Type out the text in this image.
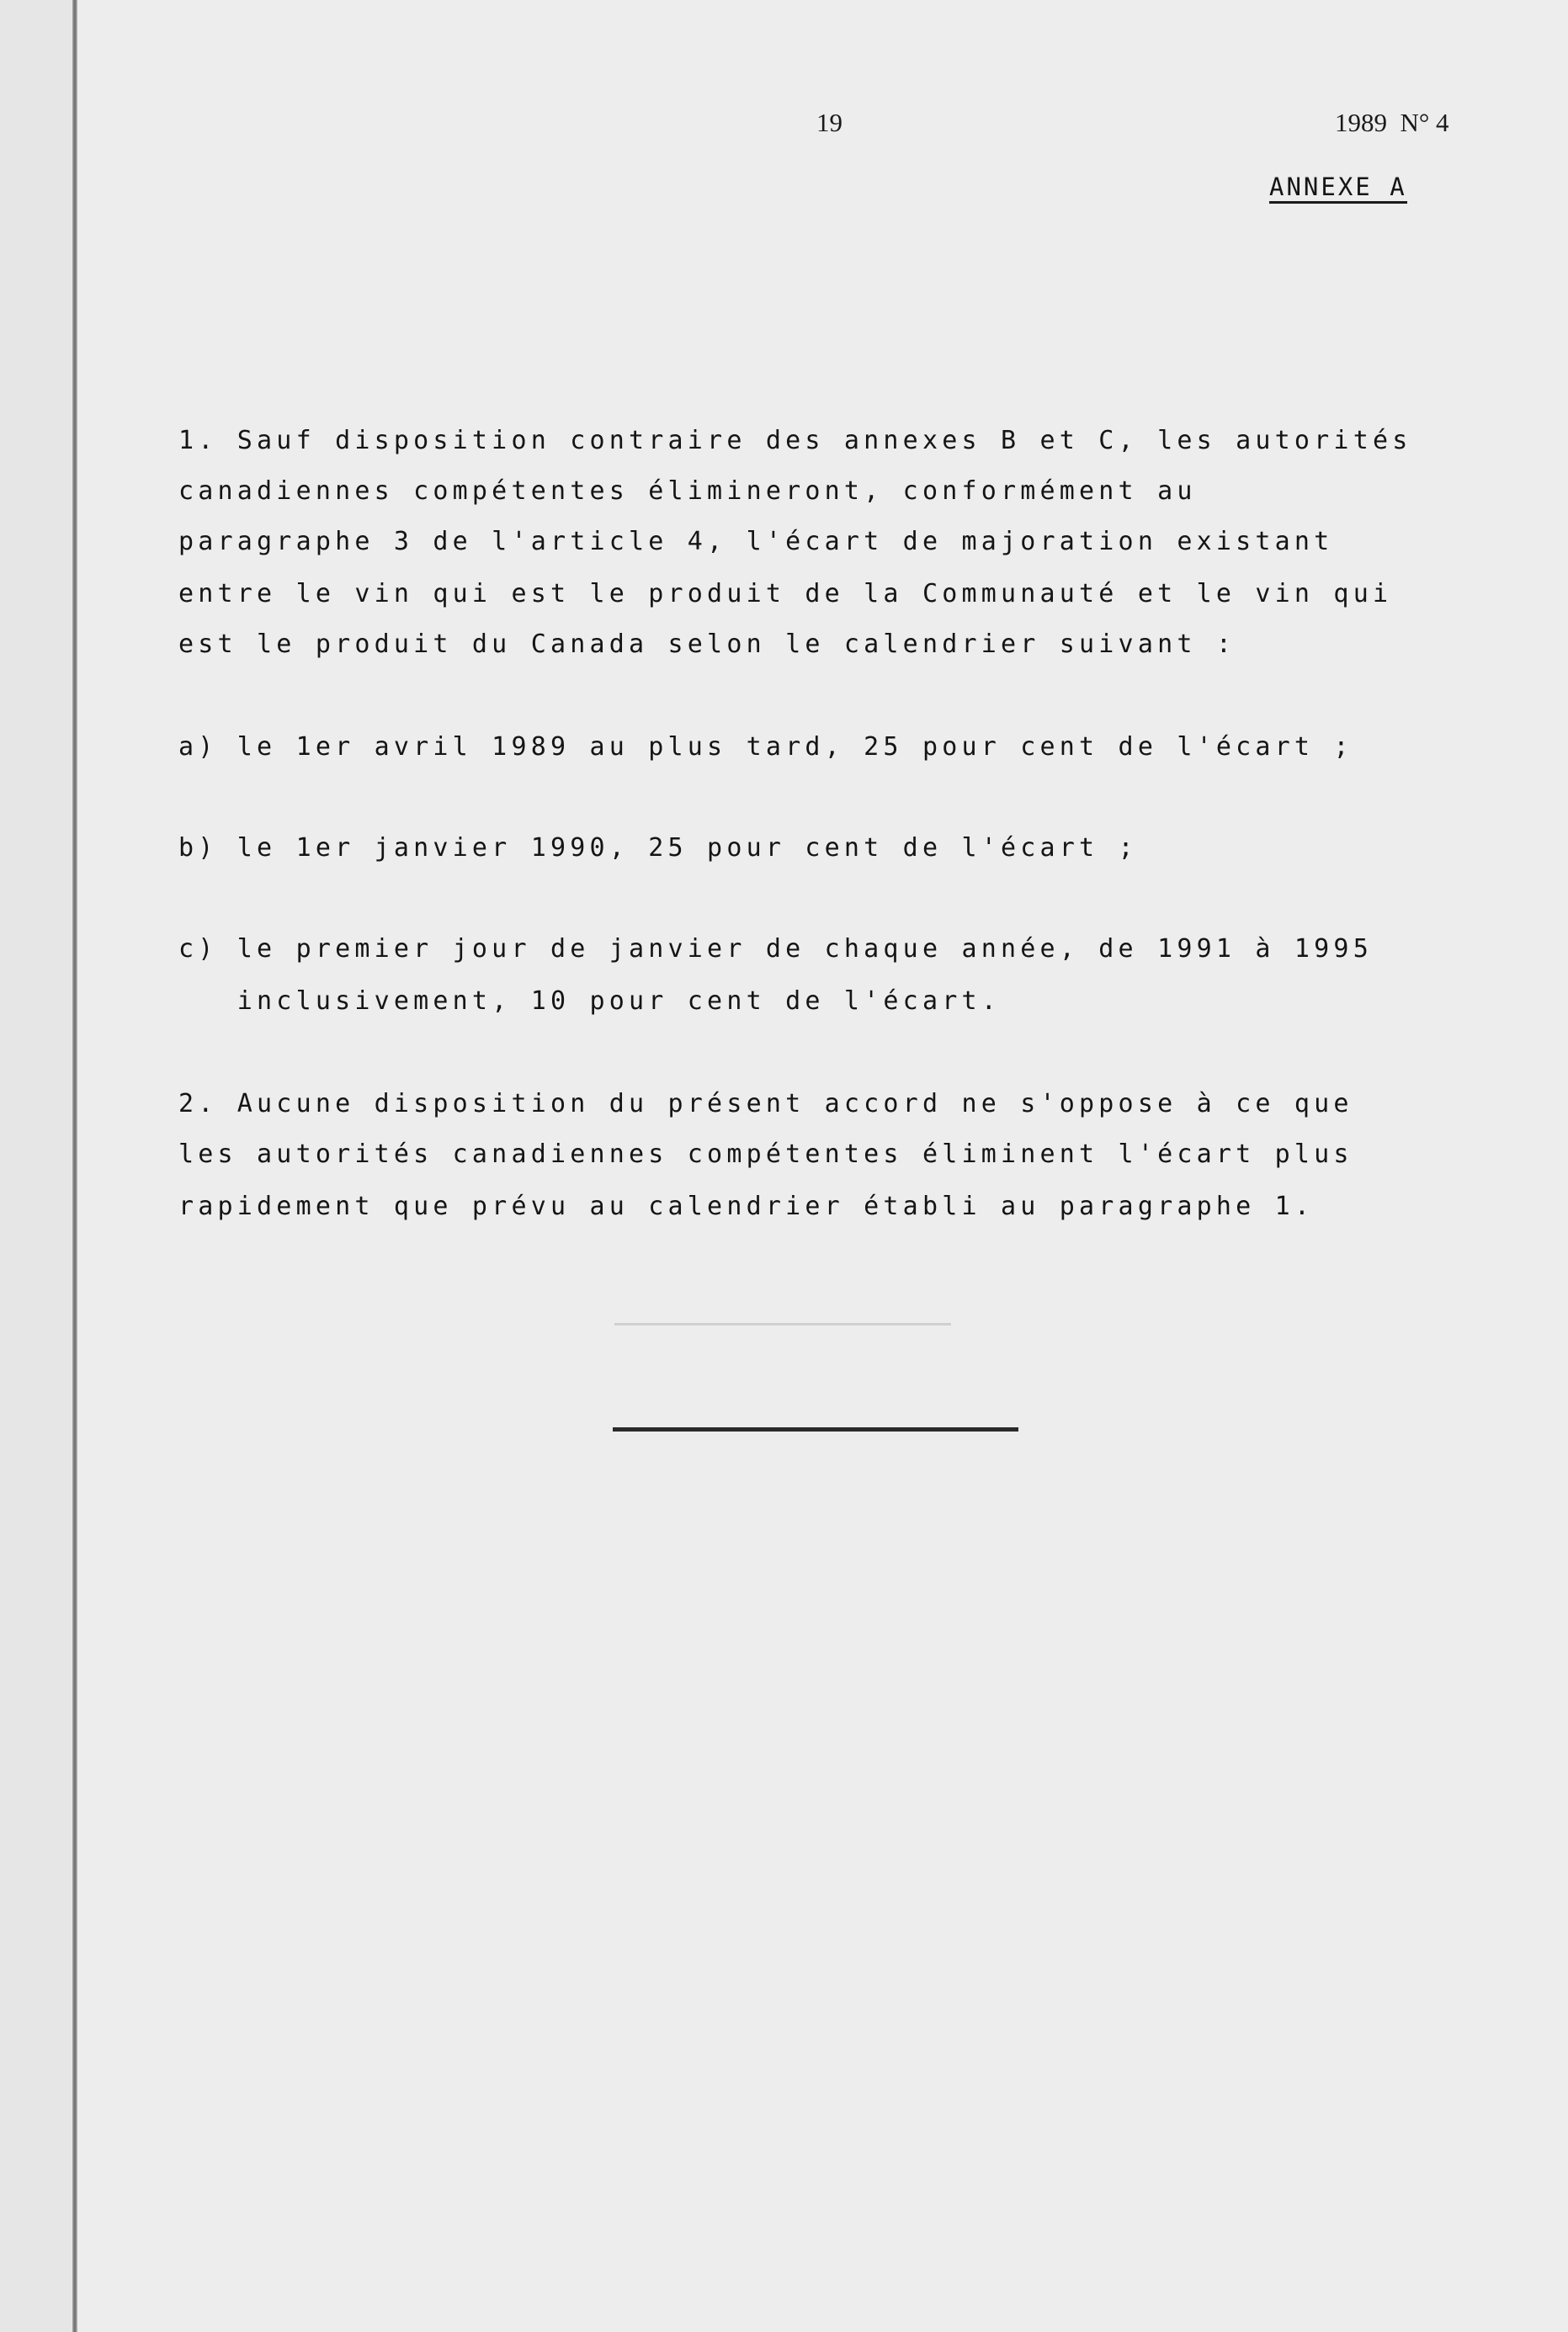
19	1989  N° 4
ANNEXE A
1. Sauf disposition contraire des annexes B et C, les autorités
canadiennes compétentes élimineront, conformément au
paragraphe 3 de l'article 4, l'écart de majoration existant
entre le vin qui est le produit de la Communauté et le vin qui
est le produit du Canada selon le calendrier suivant :
a) le 1er avril 1989 au plus tard, 25 pour cent de l'écart ;
b) le 1er janvier 1990, 25 pour cent de l'écart ;
c) le premier jour de janvier de chaque année, de 1991 à 1995
inclusivement, 10 pour cent de l'écart.
2. Aucune disposition du présent accord ne s'oppose à ce que
les autorités canadiennes compétentes éliminent l'écart plus
rapidement que prévu au calendrier établi au paragraphe 1.
